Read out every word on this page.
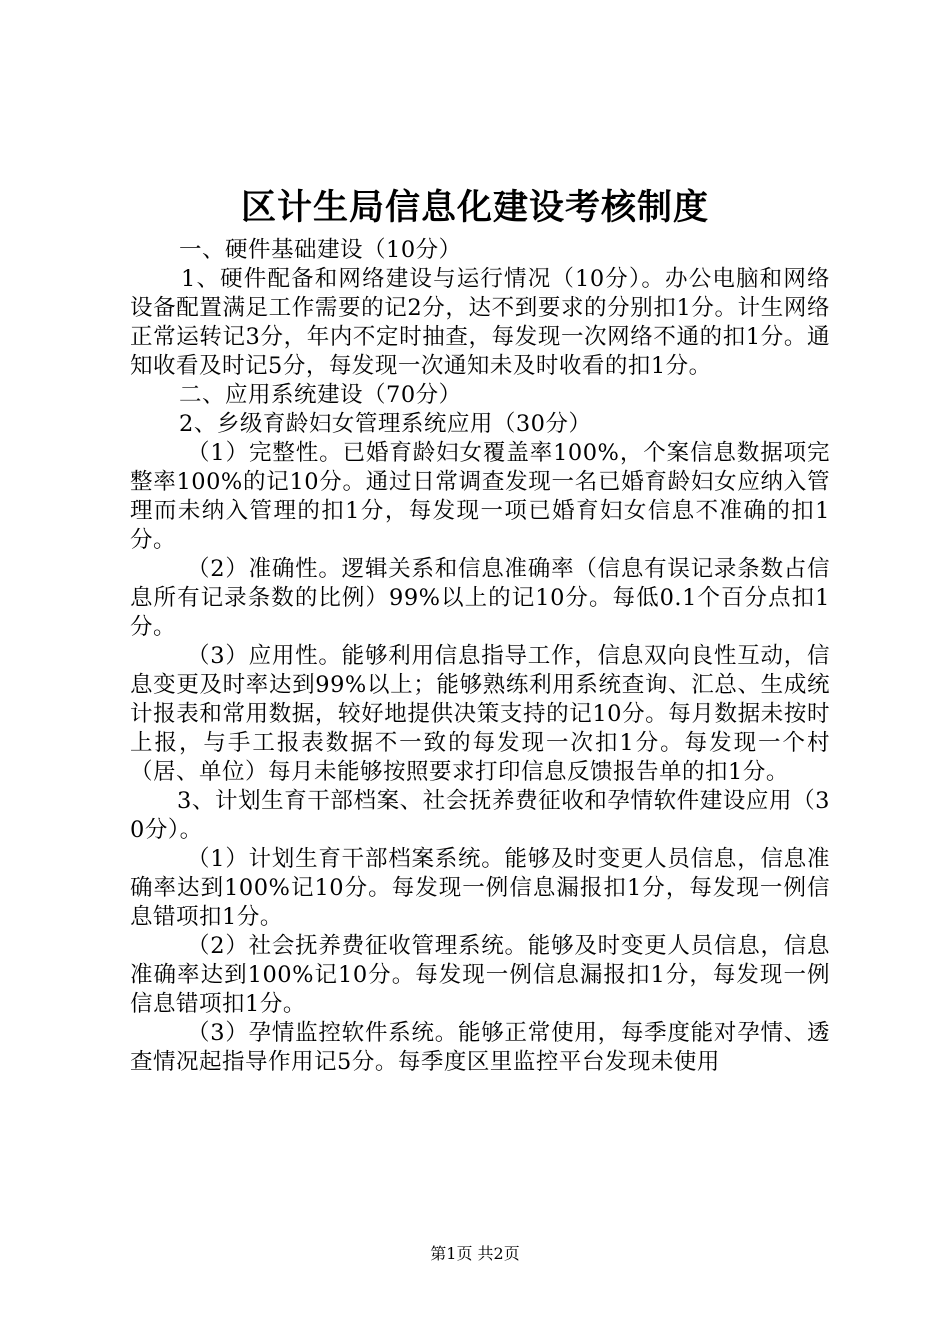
区计生局信息化建设考核制度

一、硬件基础建设（10分）

1、硬件配备和网络建设与运行情况（10分）。办公电脑和网络设备配置满足工作需要的记2分，达不到要求的分别扣1分。计生网络正常运转记3分，年内不定时抽查，每发现一次网络不通的扣1分。通知收看及时记5分，每发现一次通知未及时收看的扣1分。

二、应用系统建设（70分）

2、乡级育龄妇女管理系统应用（30分）

（1）完整性。已婚育龄妇女覆盖率100%，个案信息数据项完整率100%的记10分。通过日常调查发现一名已婚育龄妇女应纳入管理而未纳入管理的扣1分，每发现一项已婚育妇女信息不准确的扣1分。

（2）准确性。逻辑关系和信息准确率（信息有误记录条数占信息所有记录条数的比例）99%以上的记10分。每低0.1个百分点扣1分。

（3）应用性。能够利用信息指导工作，信息双向良性互动，信息变更及时率达到99%以上；能够熟练利用系统查询、汇总、生成统计报表和常用数据，较好地提供决策支持的记10分。每月数据未按时上报，与手工报表数据不一致的每发现一次扣1分。每发现一个村（居、单位）每月未能够按照要求打印信息反馈报告单的扣1分。

3、计划生育干部档案、社会抚养费征收和孕情软件建设应用（30分）。

（1）计划生育干部档案系统。能够及时变更人员信息，信息准确率达到100%记10分。每发现一例信息漏报扣1分，每发现一例信息错项扣1分。

（2）社会抚养费征收管理系统。能够及时变更人员信息，信息准确率达到100%记10分。每发现一例信息漏报扣1分，每发现一例信息错项扣1分。

（3）孕情监控软件系统。能够正常使用，每季度能对孕情、透查情况起指导作用记5分。每季度区里监控平台发现未使用

第1页 共2页
